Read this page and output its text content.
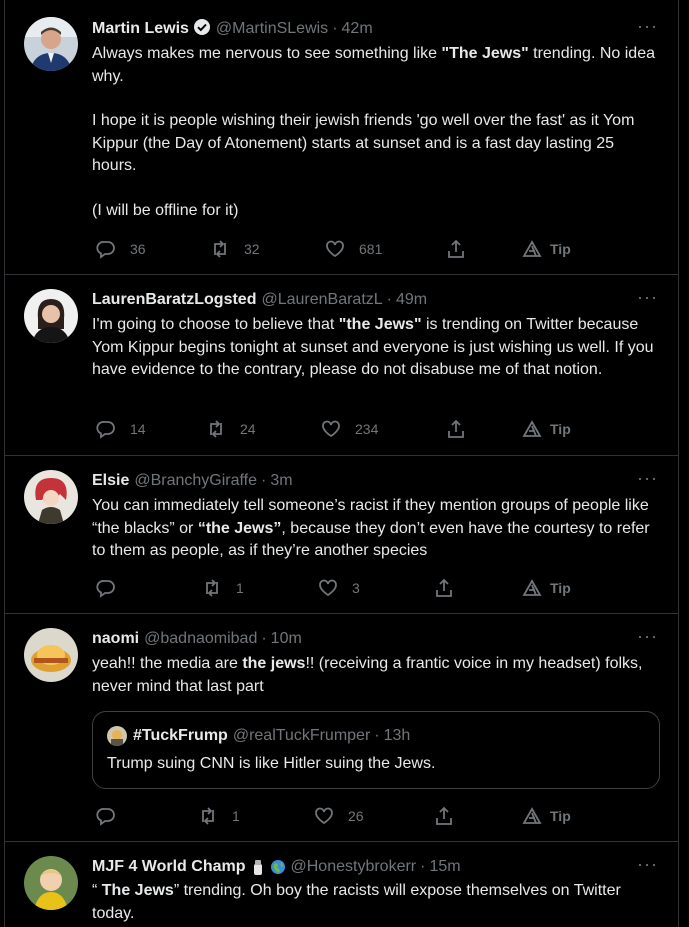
Martin Lewis @MartinSLewis · 42m	···

Always makes me nervous to see something like "The Jews" trending. No idea why.

I hope it is people wishing their jewish friends 'go well over the fast' as it Yom Kippur (the Day of Atonement) starts at sunset and is a fast day lasting 25 hours.

(I will be offline for it)

36	32	681	Tip
LaurenBaratzLogsted @LaurenBaratzL · 49m	···

I'm going to choose to believe that "the Jews" is trending on Twitter because Yom Kippur begins tonight at sunset and everyone is just wishing us well. If you have evidence to the contrary, please do not disabuse me of that notion.

14	24	234	Tip
Elsie @BranchyGiraffe · 3m	···

You can immediately tell someone’s racist if they mention groups of people like “the blacks” or “the Jews”, because they don’t even have the courtesy to refer to them as people, as if they’re another species

1	3	Tip
naomi @badnaomibad · 10m	···

yeah!! the media are the jews!! (receiving a frantic voice in my headset) folks, never mind that last part

#TuckFrump @realTuckFrumper · 13h
Trump suing CNN is like Hitler suing the Jews.
1	26	Tip
MJF 4 World Champ	@Honestybrokerr · 15m	···

“ The Jews” trending. Oh boy the racists will expose themselves on Twitter today.
